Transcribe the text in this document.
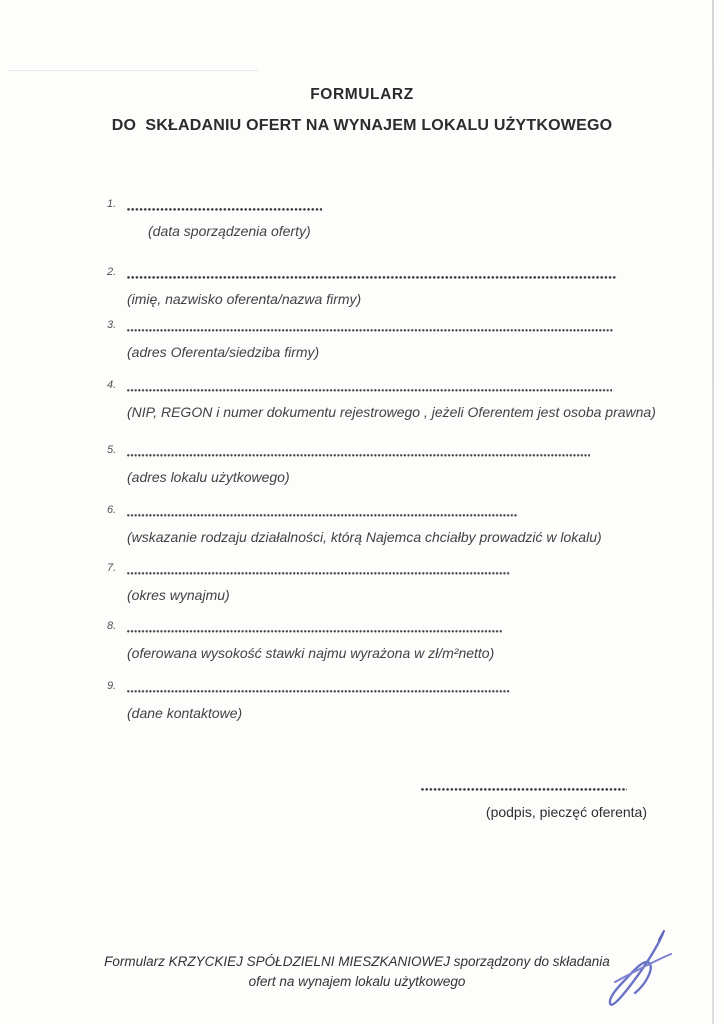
FORMULARZ
DO  SKŁADANIU OFERT NA WYNAJEM LOKALU UŻYTKOWEGO
1.
(data sporządzenia oferty)
2.
(imię, nazwisko oferenta/nazwa firmy)
3.
(adres Oferenta/siedziba firmy)
4.
(NIP, REGON i numer dokumentu rejestrowego , jeżeli Oferentem jest osoba prawna)
5.
(adres lokalu użytkowego)
6.
(wskazanie rodzaju działalności, którą Najemca chciałby prowadzić w lokalu)
7.
(okres wynajmu)
8.
(oferowana wysokość stawki najmu wyrażona w zł/m²netto)
9.
(dane kontaktowe)
(podpis, pieczęć oferenta)
Formularz KRZYCKIEJ SPÓŁDZIELNI MIESZKANIOWEJ sporządzony do składania
ofert na wynajem lokalu użytkowego
